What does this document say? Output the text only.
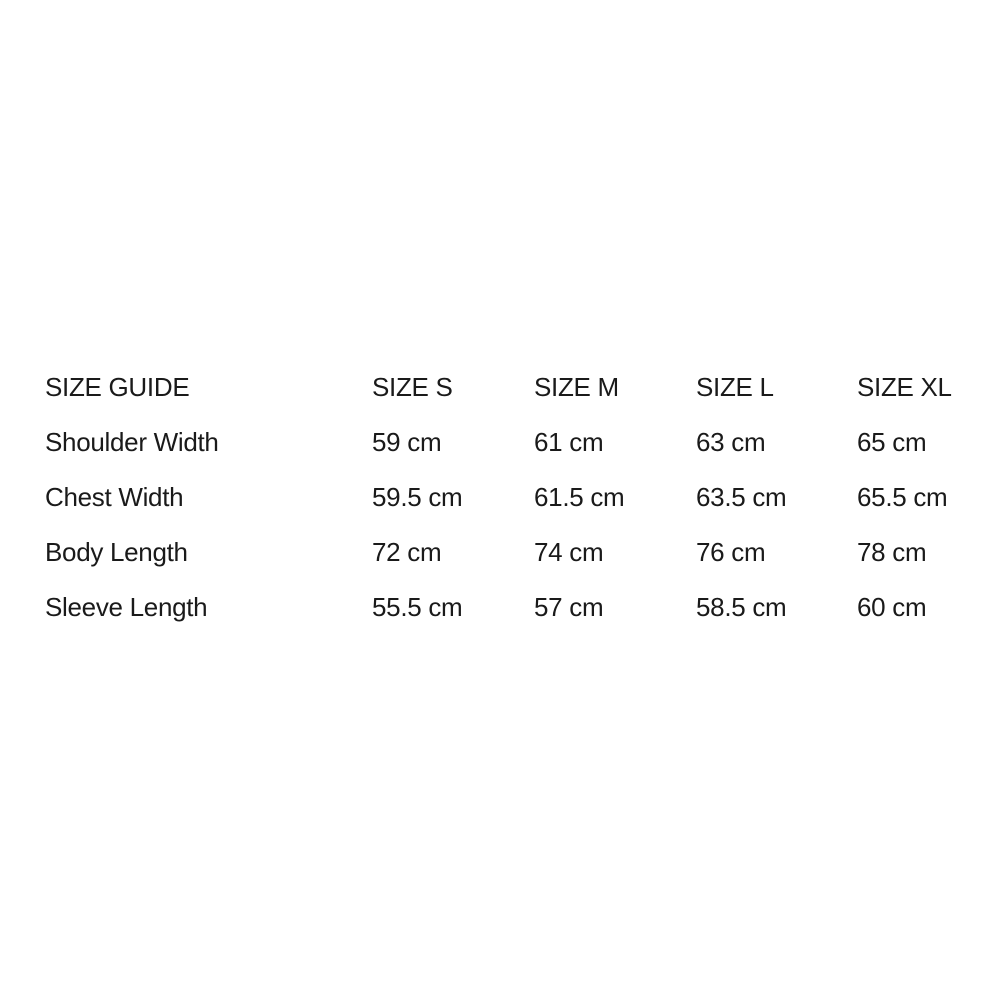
SIZE GUIDE	SIZE S	SIZE M	SIZE L	SIZE XL
Shoulder Width	59 cm	61 cm	63 cm	65 cm
Chest Width	59.5 cm	61.5 cm	63.5 cm	65.5 cm
Body Length	72 cm	74 cm	76 cm	78 cm
Sleeve Length	55.5 cm	57 cm	58.5 cm	60 cm
